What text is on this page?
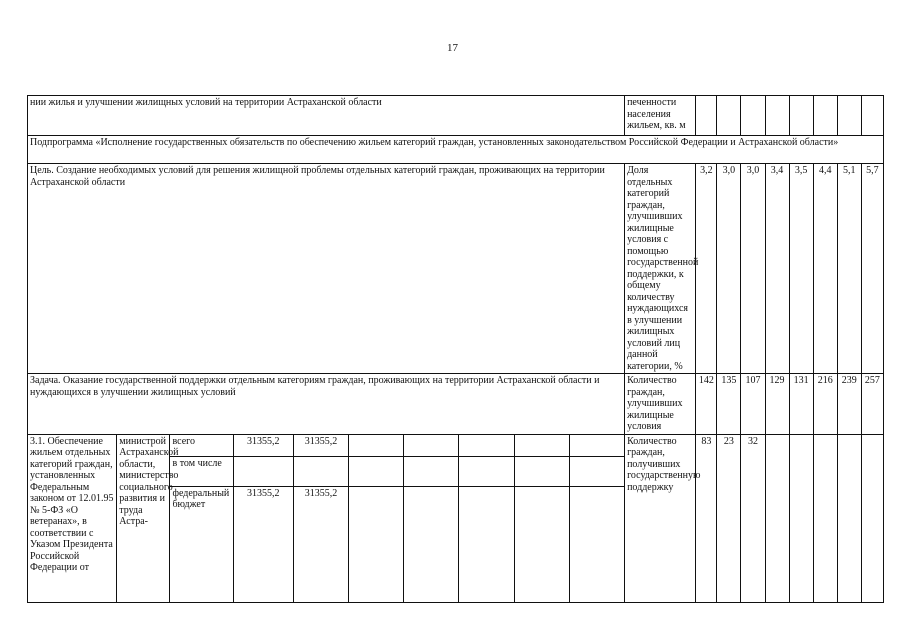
17
нии жилья и улучшении жилищных условий на территории Астраханской области										печенности населения жильем, кв. м								
Подпрограмма «Исполнение государственных обязательств по обеспечению жильем категорий граждан, установленных законодательством Российской Федерации и Астраханской области»																		
Цель. Создание необходимых условий для решения жилищной проблемы отдельных категорий граждан, проживающих на территории Астраханской области										Доля отдельных категорий граждан, улучшивших жилищные условия с помощью государственной поддержки, к общему количеству нуждающихся в улучшении жилищных условий лиц данной категории, %	3,2	3,0	3,0	3,4	3,5	4,4	5,1	5,7
Задача. Оказание государственной поддержки отдельным категориям граждан, проживающих на территории Астраханской области и нуждающихся в улучшении жилищных условий										Количество граждан, улучшивших жилищные условия	142	135	107	129	131	216	239	257
3.1. Обеспечение жильем отдельных категорий граждан, установленных Федеральным законом от 12.01.95 № 5-ФЗ «О ветеранах», в соответствии с Указом Президента Российской Федерации от	министрой Астраханской области, министерство социального развития и труда Астра-	всего	31355,2	31355,2						Количество граждан, получивших государственную поддержку	83	23	32					
		в том числе																
		федеральный бюджет	31355,2	31355,2														
